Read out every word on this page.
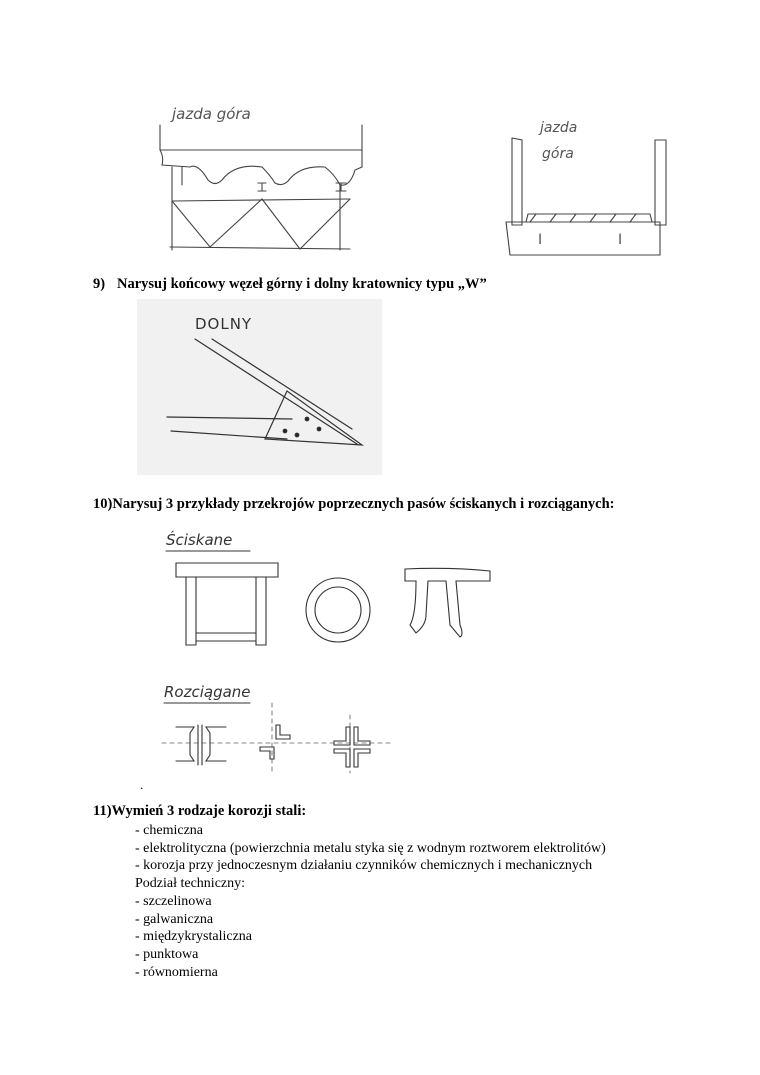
jazda góra
jazda
góra
I	I
9) Narysuj końcowy węzeł górny i dolny kratownicy typu „W”
DOLNY
10)Narysuj 3 przykłady przekrojów poprzecznych pasów ściskanych i rozciąganych:
Ściskane
Rozciągane
.
11)Wymień 3 rodzaje korozji stali:
- chemiczna
- elektrolityczna (powierzchnia metalu styka się z wodnym roztworem elektrolitów)
- korozja przy jednoczesnym działaniu czynników chemicznych i mechanicznych
Podział techniczny:
- szczelinowa
- galwaniczna
- międzykrystaliczna
- punktowa
- równomierna
